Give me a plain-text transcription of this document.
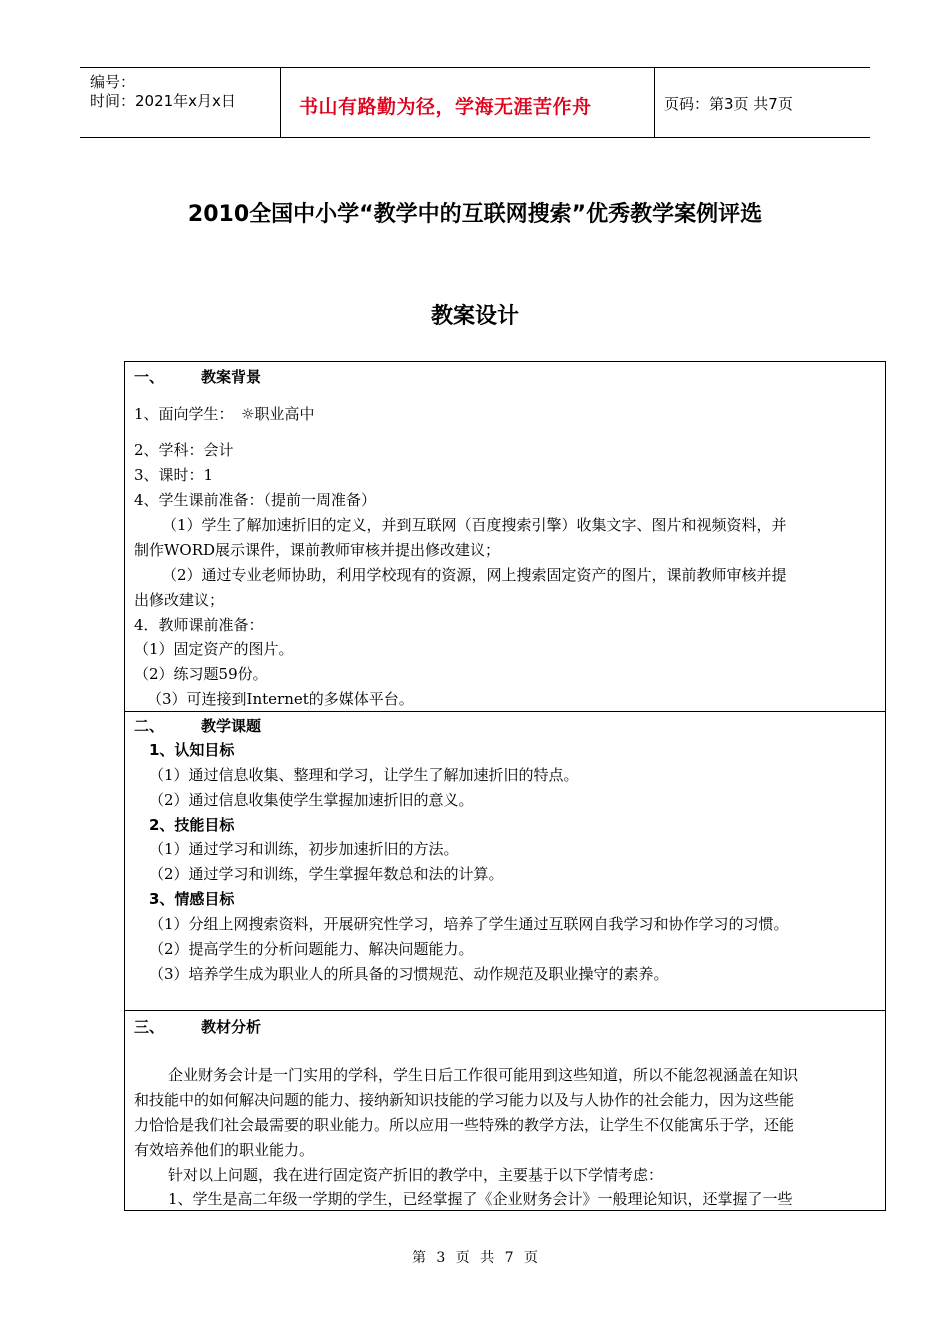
编号：
时间：2021年x月x日	书山有路勤为径，学海无涯苦作舟	页码：第3页 共7页
2010全国中小学“教学中的互联网搜索”优秀教学案例评选
教案设计
一、 教案背景
1、面向学生：　☼职业高中
2、学科：会计
3、课时：1
4、学生课前准备：（提前一周准备）
（1）学生了解加速折旧的定义，并到互联网（百度搜索引擎）收集文字、图片和视频资料，并
制作WORD展示课件，课前教师审核并提出修改建议；
（2）通过专业老师协助，利用学校现有的资源，网上搜索固定资产的图片，课前教师审核并提
出修改建议；
4．教师课前准备：
（1）固定资产的图片。
（2）练习题59份。
（3）可连接到Internet的多媒体平台。
二、 教学课题
1、认知目标
（1）通过信息收集、整理和学习，让学生了解加速折旧的特点。
（2）通过信息收集使学生掌握加速折旧的意义。
2、技能目标
（1）通过学习和训练，初步加速折旧的方法。
（2）通过学习和训练，学生掌握年数总和法的计算。
3、情感目标
（1）分组上网搜索资料，开展研究性学习，培养了学生通过互联网自我学习和协作学习的习惯。
（2）提高学生的分析问题能力、解决问题能力。
（3）培养学生成为职业人的所具备的习惯规范、动作规范及职业操守的素养。
三、 教材分析
企业财务会计是一门实用的学科，学生日后工作很可能用到这些知道，所以不能忽视涵盖在知识
和技能中的如何解决问题的能力、接纳新知识技能的学习能力以及与人协作的社会能力，因为这些能
力恰恰是我们社会最需要的职业能力。所以应用一些特殊的教学方法，让学生不仅能寓乐于学，还能
有效培养他们的职业能力。
针对以上问题，我在进行固定资产折旧的教学中，主要基于以下学情考虑：
1、学生是高二年级一学期的学生，已经掌握了《企业财务会计》一般理论知识，还掌握了一些
第 3 页 共 7 页
